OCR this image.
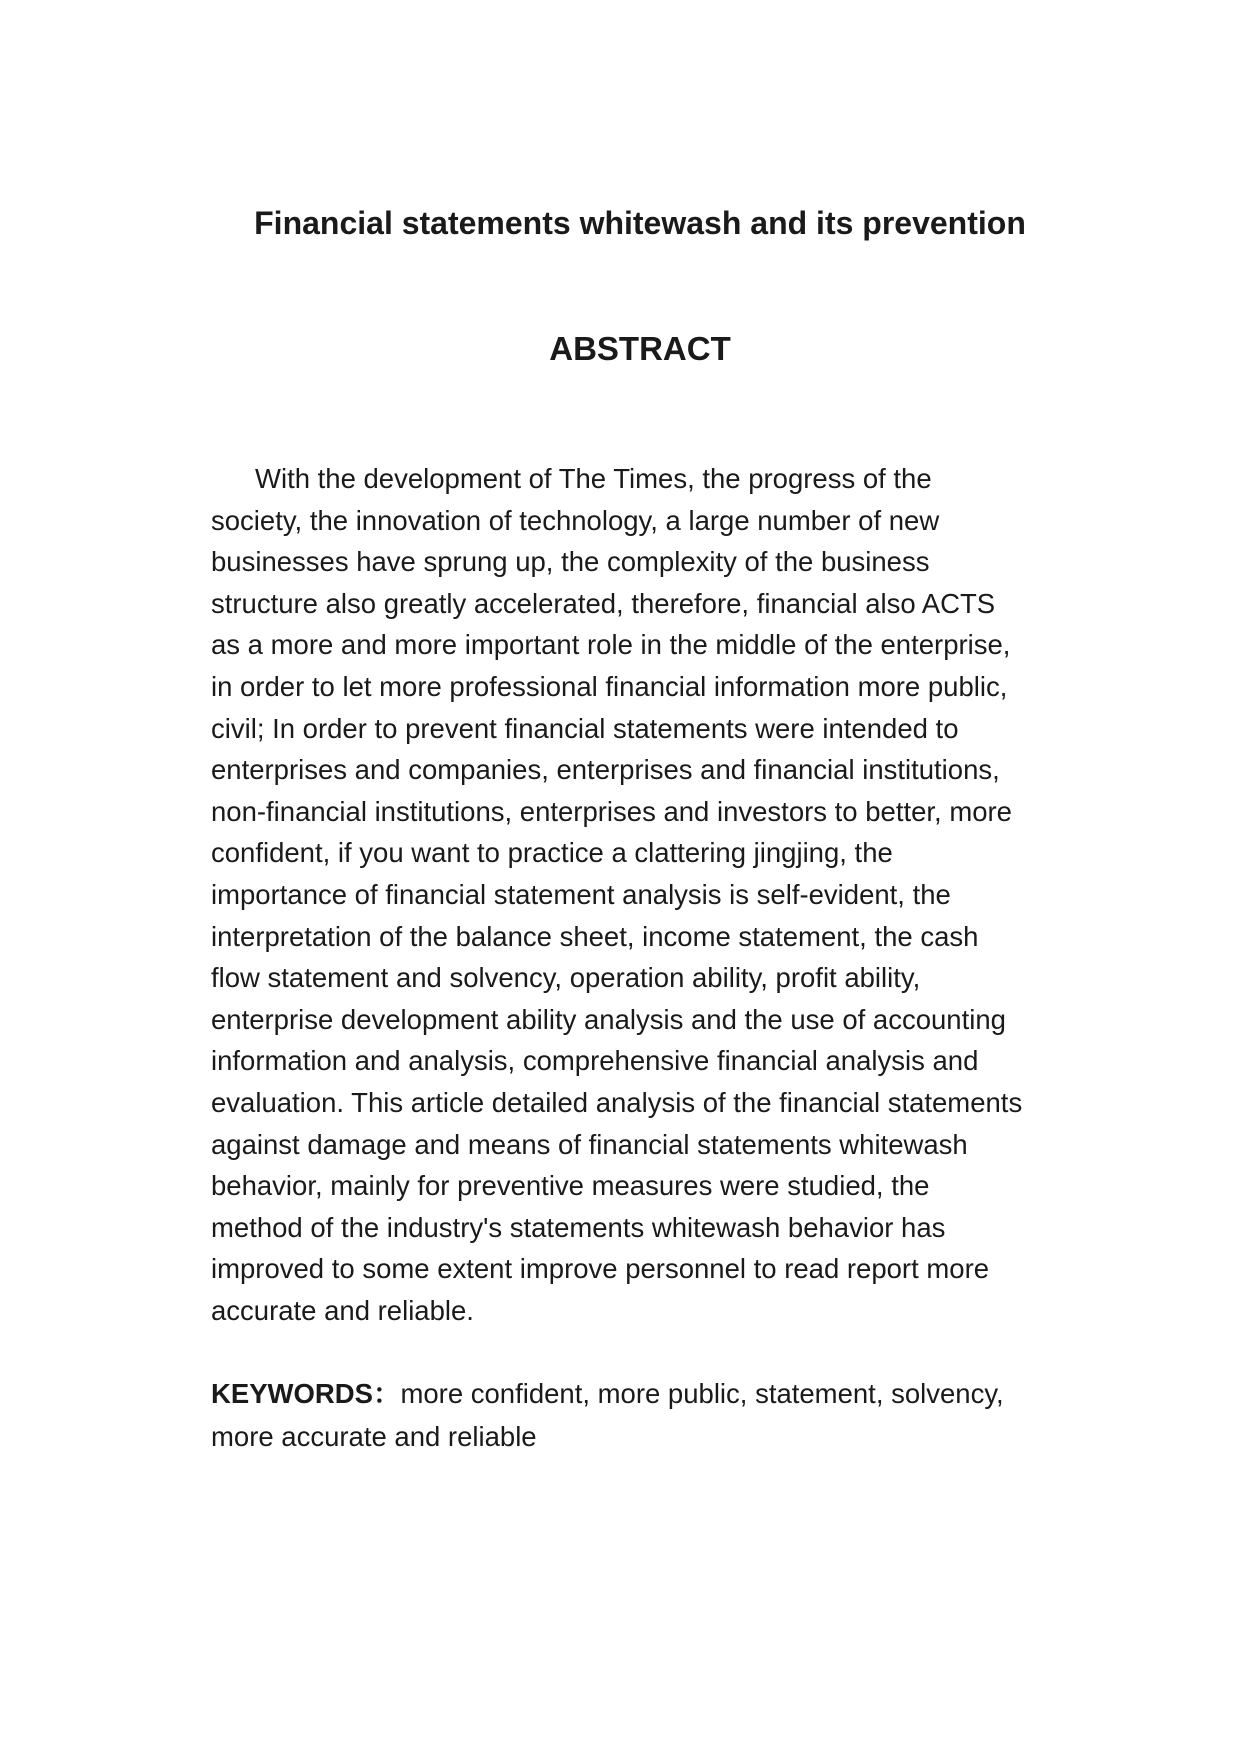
Financial statements whitewash and its prevention
ABSTRACT

With the development of The Times, the progress of the
society, the innovation of technology, a large number of new
businesses have sprung up, the complexity of the business
structure also greatly accelerated, therefore, financial also ACTS
as a more and more important role in the middle of the enterprise,
in order to let more professional financial information more public,
civil; In order to prevent financial statements were intended to
enterprises and companies, enterprises and financial institutions,
non-financial institutions, enterprises and investors to better, more
confident, if you want to practice a clattering jingjing, the
importance of financial statement analysis is self-evident, the
interpretation of the balance sheet, income statement, the cash
flow statement and solvency, operation ability, profit ability,
enterprise development ability analysis and the use of accounting
information and analysis, comprehensive financial analysis and
evaluation. This article detailed analysis of the financial statements
against damage and means of financial statements whitewash
behavior, mainly for preventive measures were studied, the
method of the industry's statements whitewash behavior has
improved to some extent improve personnel to read report more
accurate and reliable.

KEYWORDS：more confident, more public, statement, solvency,
more accurate and reliable
